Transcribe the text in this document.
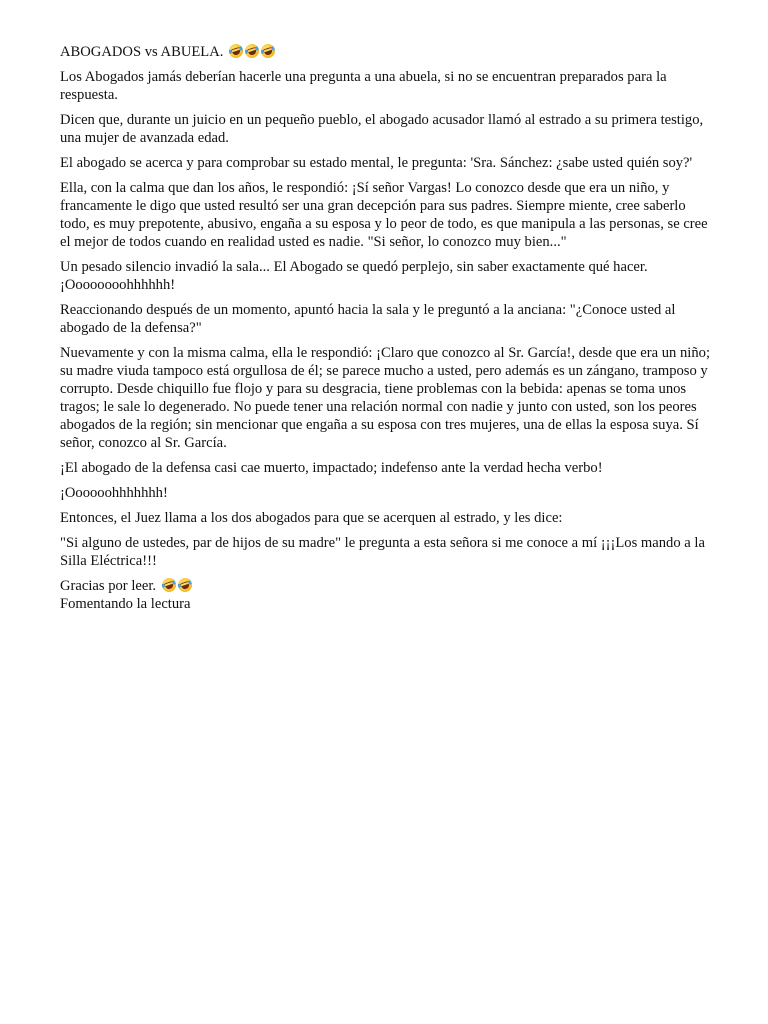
ABOGADOS vs ABUELA.

Los Abogados jamás deberían hacerle una pregunta a una abuela, si no se encuentran preparados para la respuesta.

Dicen que, durante un juicio en un pequeño pueblo, el abogado acusador llamó al estrado a su primera testigo, una mujer de avanzada edad.

El abogado se acerca y para comprobar su estado mental, le pregunta: 'Sra. Sánchez: ¿sabe usted quién soy?'

Ella, con la calma que dan los años, le respondió: ¡Sí señor Vargas! Lo conozco desde que era un niño, y francamente le digo que usted resultó ser una gran decepción para sus padres. Siempre miente, cree saberlo todo, es muy prepotente, abusivo, engaña a su esposa y lo peor de todo, es que manipula a las personas, se cree el mejor de todos cuando en realidad usted es nadie. "Si señor, lo conozco muy bien..."

Un pesado silencio invadió la sala... El Abogado se quedó perplejo, sin saber exactamente qué hacer. ¡Oooooooohhhhhh!

Reaccionando después de un momento, apuntó hacia la sala y le preguntó a la anciana: "¿Conoce usted al abogado de la defensa?"

Nuevamente y con la misma calma, ella le respondió: ¡Claro que conozco al Sr. García!, desde que era un niño; su madre viuda tampoco está orgullosa de él; se parece mucho a usted, pero además es un zángano, tramposo y corrupto. Desde chiquillo fue flojo y para su desgracia, tiene problemas con la bebida: apenas se toma unos tragos; le sale lo degenerado. No puede tener una relación normal con nadie y junto con usted, son los peores abogados de la región; sin mencionar que engaña a su esposa con tres mujeres, una de ellas la esposa suya. Sí señor, conozco al Sr. García.

¡El abogado de la defensa casi cae muerto, impactado; indefenso ante la verdad hecha verbo!

¡Oooooohhhhhhh!

Entonces, el Juez llama a los dos abogados para que se acerquen al estrado, y les dice:

"Si alguno de ustedes, par de hijos de su madre" le pregunta a esta señora si me conoce a mí ¡¡¡Los mando a la Silla Eléctrica!!!

Gracias por leer.
Fomentando la lectura
